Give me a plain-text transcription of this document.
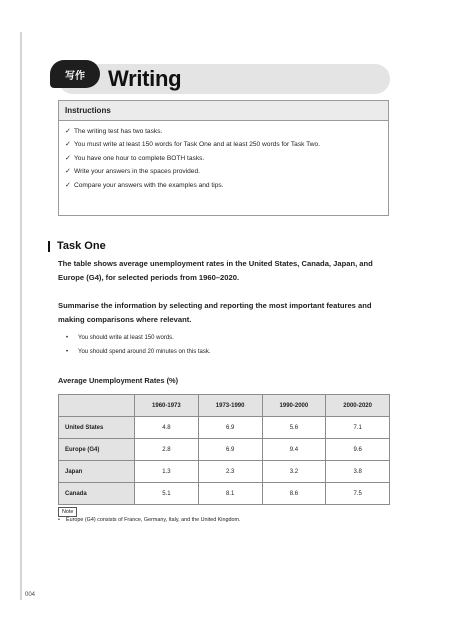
写作	Writing
Instructions
✓ The writing test has two tasks.
✓ You must write at least 150 words for Task One and at least 250 words for Task Two.
✓ You have one hour to complete BOTH tasks.
✓ Write your answers in the spaces provided.
✓ Compare your answers with the examples and tips.
Task One
The table shows average unemployment rates in the United States, Canada, Japan, and Europe (G4), for selected periods from 1960–2020.
Summarise the information by selecting and reporting the most important features and making comparisons where relevant.
•	You should write at least 150 words.
•	You should spend around 20 minutes on this task.
Average Unemployment Rates (%)
	1960-1973	1973-1990	1990-2000	2000-2020
United States	4.8	6.9	5.6	7.1
Europe (G4)	2.8	6.9	9.4	9.6
Japan	1.3	2.3	3.2	3.8
Canada	5.1	8.1	8.6	7.5
Note
•	Europe (G4) consists of France, Germany, Italy, and the United Kingdom.
004
